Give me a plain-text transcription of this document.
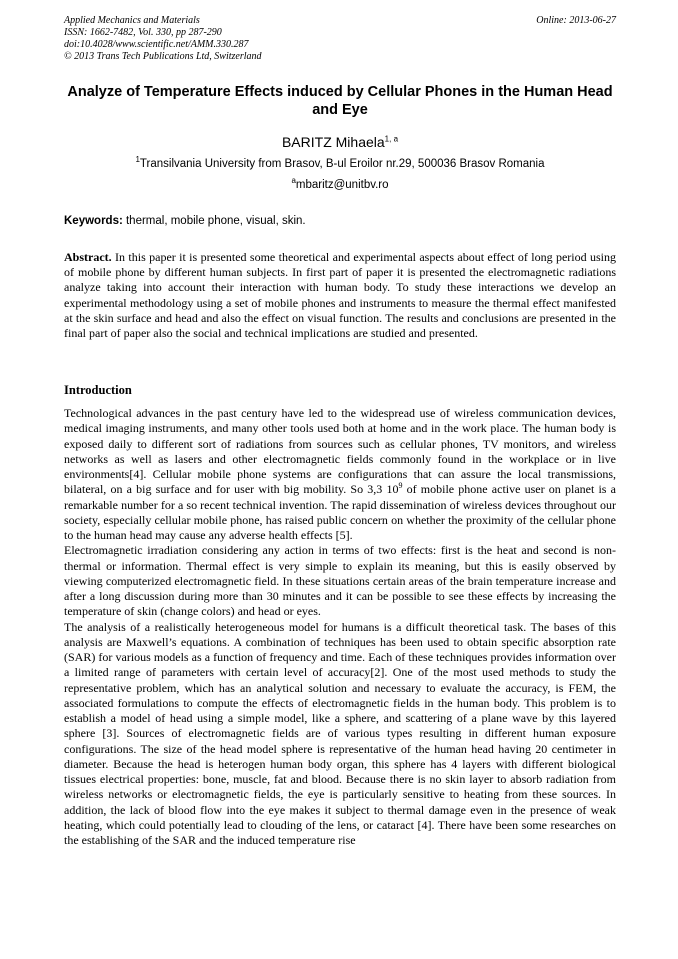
Applied Mechanics and Materials
ISSN: 1662-7482, Vol. 330, pp 287-290
doi:10.4028/www.scientific.net/AMM.330.287
© 2013 Trans Tech Publications Ltd, Switzerland
Online: 2013-06-27
Analyze of Temperature Effects induced by Cellular Phones in the Human Head and Eye
BARITZ Mihaela$^{1, a}$
$^1$Transilvania University from Brasov, B-ul Eroilor nr.29, 500036 Brasov Romania
$^a$mbaritz@unitbv.ro
Keywords: thermal, mobile phone, visual, skin.
Abstract. In this paper it is presented some theoretical and experimental aspects about effect of long period using of mobile phone by different human subjects. In first part of paper it is presented the electromagnetic radiations analyze taking into account their interaction with human body. To study these interactions we develop an experimental methodology using a set of mobile phones and instruments to measure the thermal effect manifested at the skin surface and head and also the effect on visual function. The results and conclusions are presented in the final part of paper also the social and technical implications are studied and presented.
Introduction

Technological advances in the past century have led to the widespread use of wireless communication devices, medical imaging instruments, and many other tools used both at home and in the work place. The human body is exposed daily to different sort of radiations from sources such as cellular phones, TV monitors, and wireless networks as well as lasers and other electromagnetic fields commonly found in the workplace or in live environments[4]. Cellular mobile phone systems are configurations that can assure the local transmissions, bilateral, on a big surface and for user with big mobility. So 3,3 $10^9$ of mobile phone active user on planet is a remarkable number for a so recent technical invention. The rapid dissemination of wireless devices throughout our society, especially cellular mobile phone, has raised public concern on whether the proximity of the cellular phone to the human head may cause any adverse health effects [5].

Electromagnetic irradiation considering any action in terms of two effects: first is the heat and second is non-thermal or information. Thermal effect is very simple to explain its meaning, but this is easily observed by viewing computerized electromagnetic field. In these situations certain areas of the brain temperature increase and after a long discussion during more than 30 minutes and it can be possible to see these effects by increasing the temperature of skin (change colors) and head or eyes.

The analysis of a realistically heterogeneous model for humans is a difficult theoretical task. The bases of this analysis are Maxwell’s equations. A combination of techniques has been used to obtain specific absorption rate (SAR) for various models as a function of frequency and time. Each of these techniques provides information over a limited range of parameters with certain level of accuracy[2]. One of the most used methods to study the representative problem, which has an analytical solution and necessary to evaluate the accuracy, is FEM, the associated formulations to compute the effects of electromagnetic fields in the human body. This problem is to establish a model of head using a simple model, like a sphere, and scattering of a plane wave by this layered sphere [3]. Sources of electromagnetic fields are of various types resulting in different human exposure configurations. The size of the head model sphere is representative of the human head having 20 centimeter in diameter. Because the head is heterogen human body organ, this sphere has 4 layers with different biological tissues electrical properties: bone, muscle, fat and blood. Because there is no skin layer to absorb radiation from wireless networks or electromagnetic fields, the eye is particularly sensitive to heating from these sources. In addition, the lack of blood flow into the eye makes it subject to thermal damage even in the presence of weak heating, which could potentially lead to clouding of the lens, or cataract [4]. There have been some researches on the establishing of the SAR and the induced temperature rise
